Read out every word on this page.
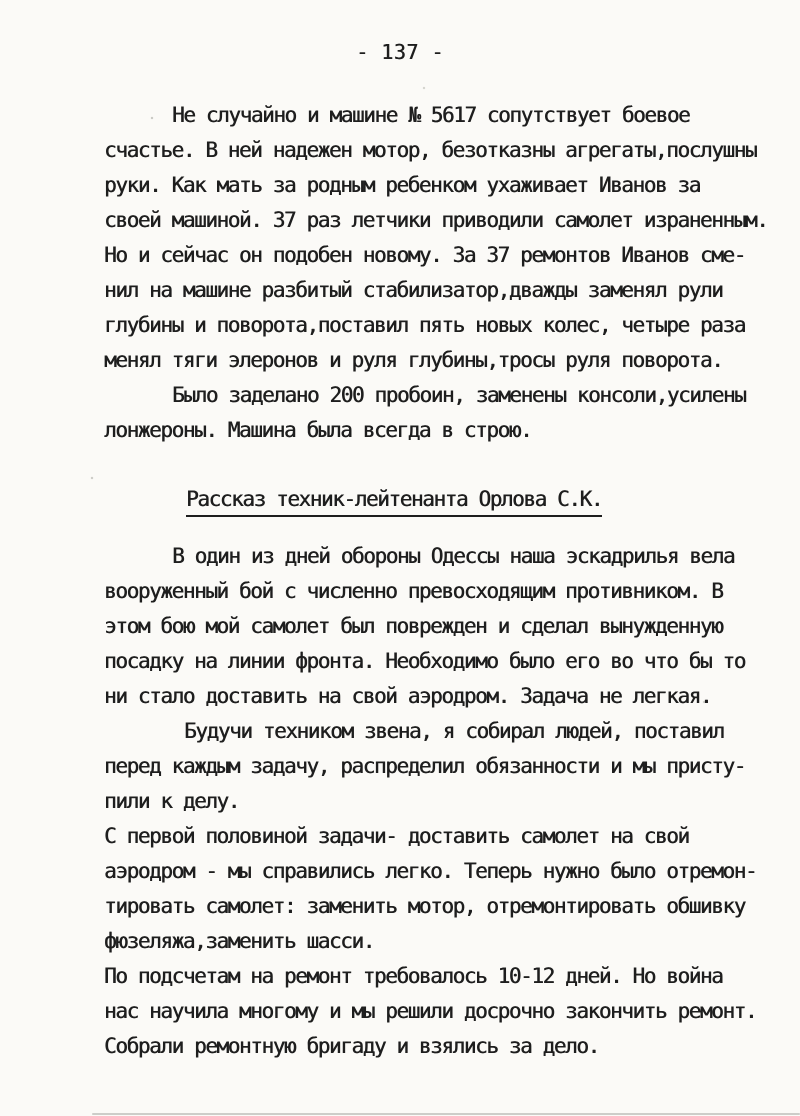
- 137 -
Не случайно и машине № 5617 сопутствует боевое
счастье. В ней надежен мотор, безотказны агрегаты,послушны
руки. Как мать за родным ребенком ухаживает Иванов за
своей машиной. 37 раз летчики приводили самолет израненным.
Но и сейчас он подобен новому. За 37 ремонтов Иванов сме-
нил на машине разбитый стабилизатор,дважды заменял рули
глубины и поворота,поставил пять новых колес, четыре раза
менял тяги элеронов и руля глубины,тросы руля поворота.
Было заделано 200 пробоин, заменены консоли,усилены
лонжероны. Машина была всегда в строю.
Рассказ техник-лейтенанта Орлова С.К.
В один из дней обороны Одессы наша эскадрилья вела
вооруженный бой с численно превосходящим противником. В
этом бою мой самолет был поврежден и сделал вынужденную
посадку на линии фронта. Необходимо было его во что бы то
ни стало доставить на свой аэродром. Задача не легкая.
Будучи техником звена, я собирал людей, поставил
перед каждым задачу, распределил обязанности и мы присту-
пили к делу.
С первой половиной задачи- доставить самолет на свой
аэродром - мы справились легко. Теперь нужно было отремон-
тировать самолет: заменить мотор, отремонтировать обшивку
фюзеляжа,заменить шасси.
По подсчетам на ремонт требовалось 10-12 дней. Но война
нас научила многому и мы решили досрочно закончить ремонт.
Собрали ремонтную бригаду и взялись за дело.
